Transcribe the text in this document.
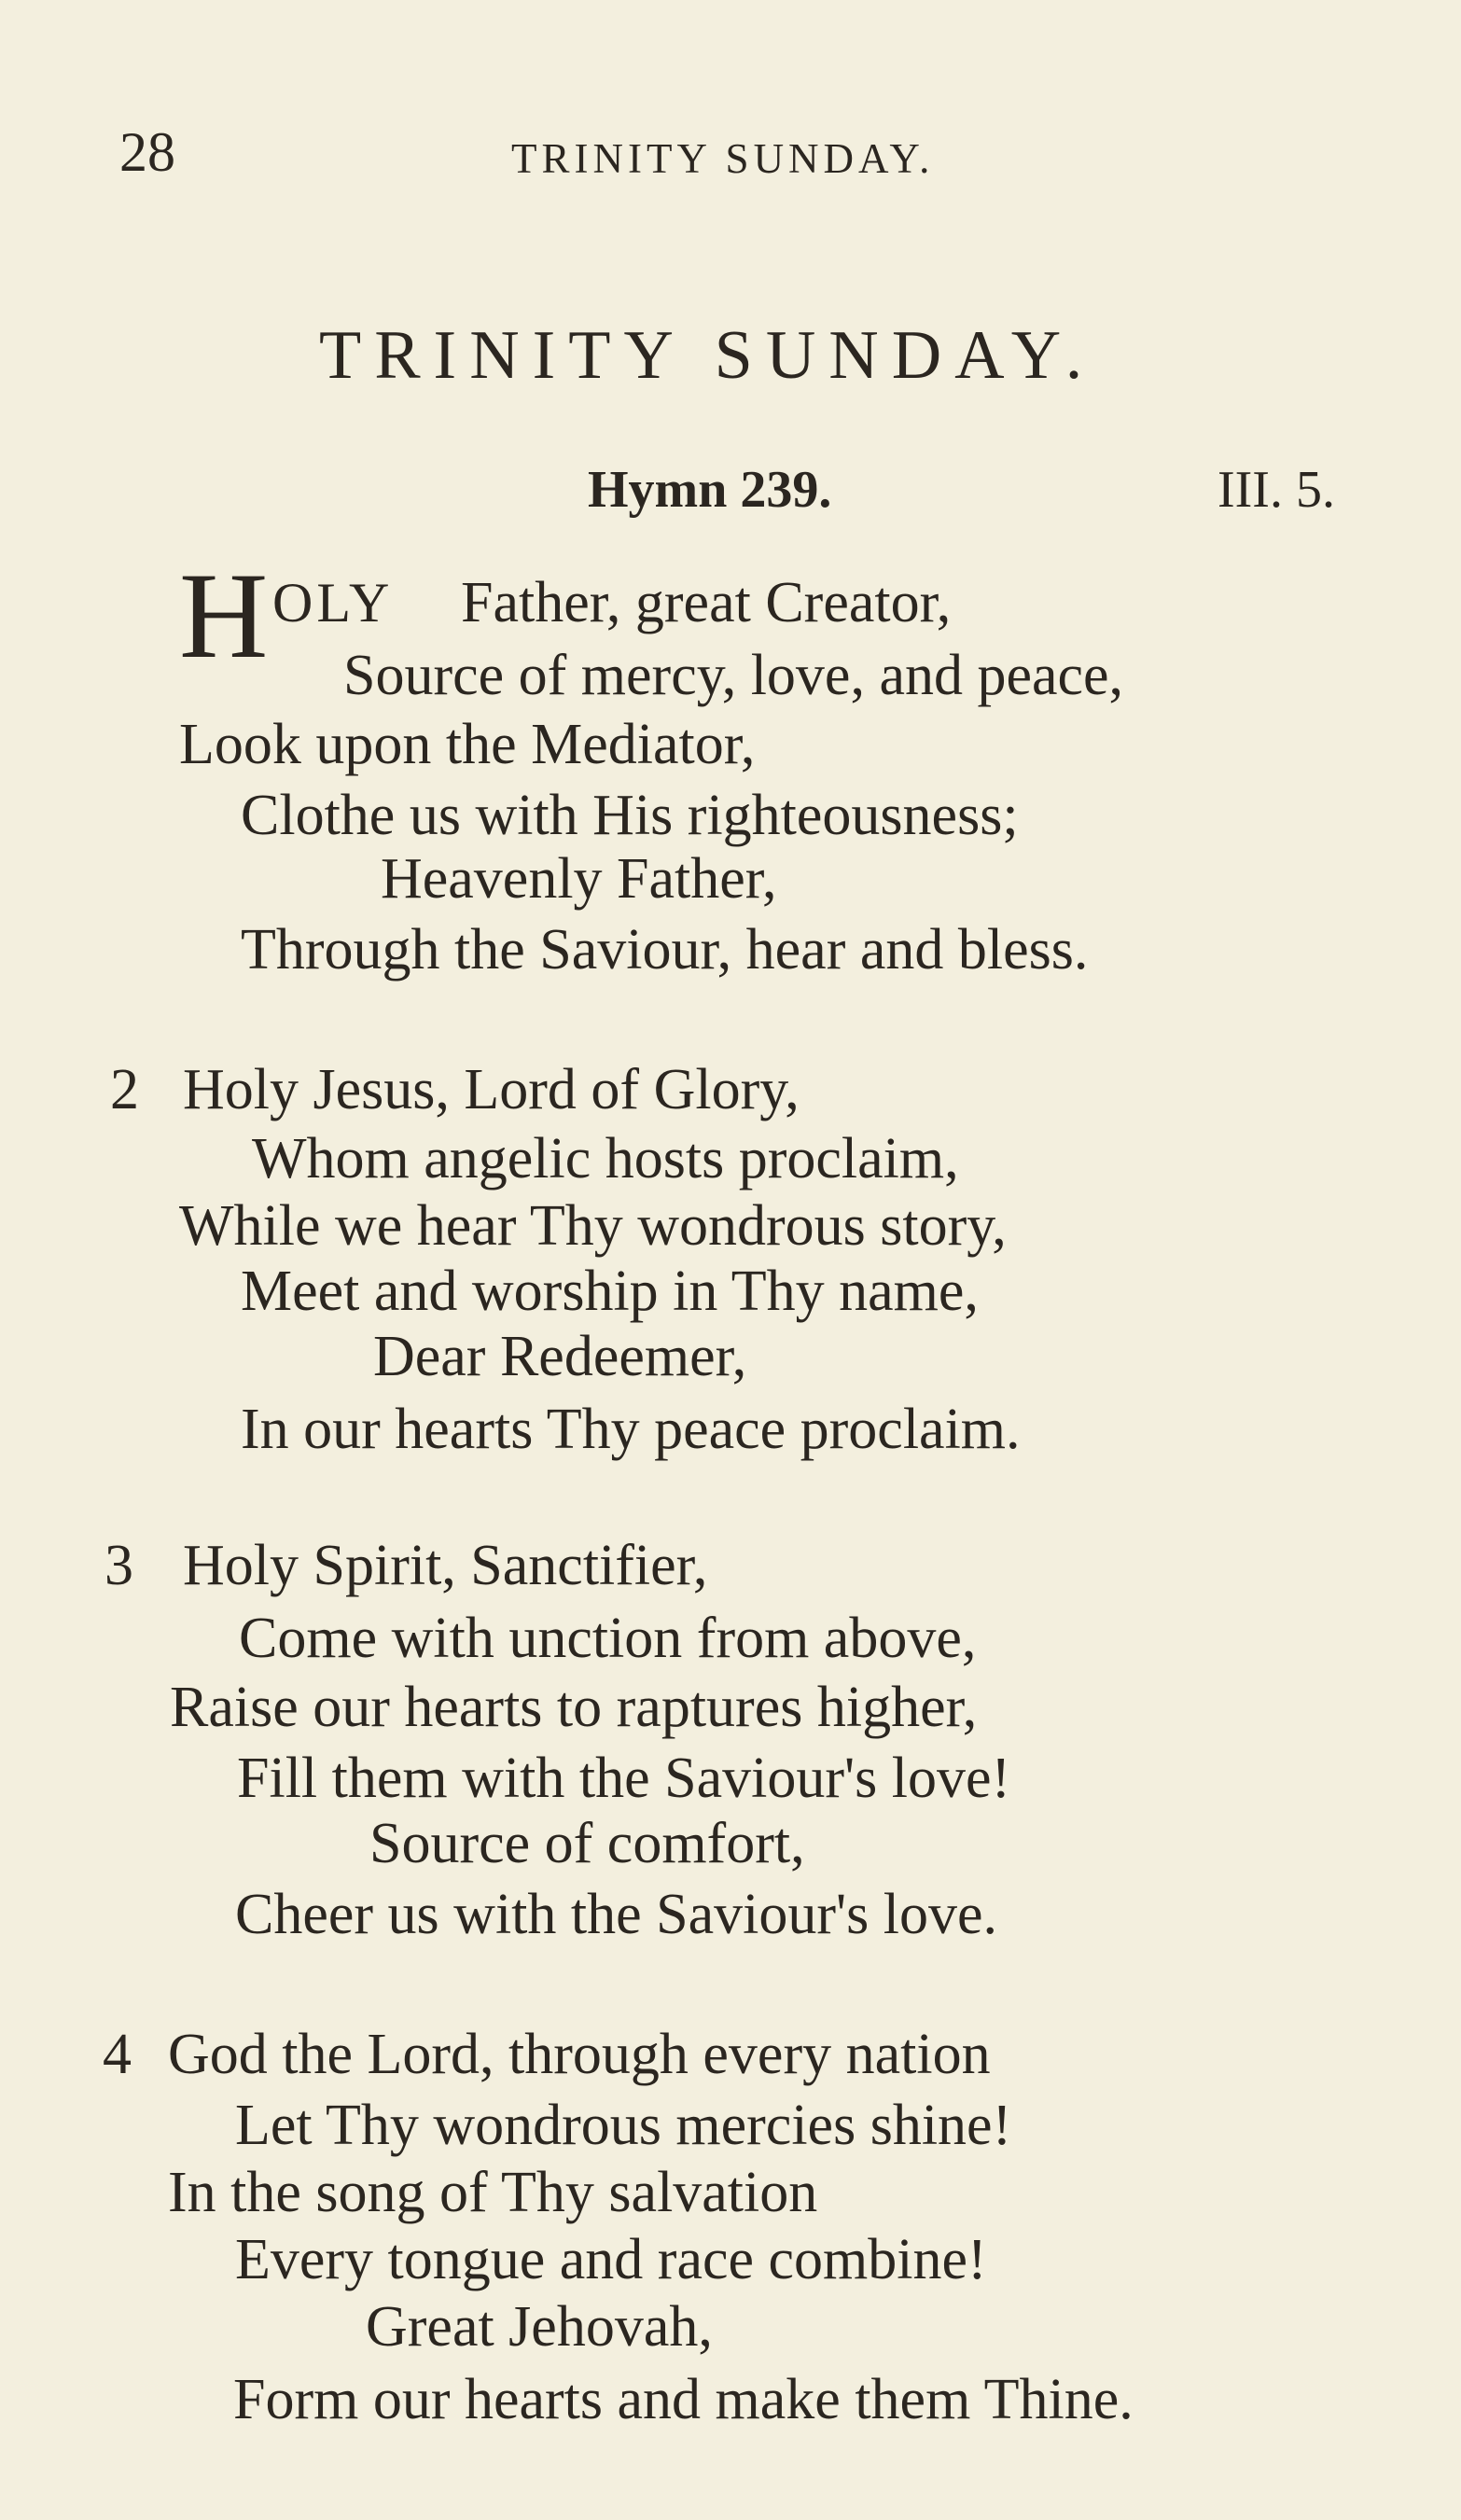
28	TRINITY SUNDAY.
TRINITY SUNDAY.
Hymn 239.	III. 5.
H OLY Father, great Creator,
Source of mercy, love, and peace,
Look upon the Mediator,
Clothe us with His righteousness;
Heavenly Father,
Through the Saviour, hear and bless.
2 Holy Jesus, Lord of Glory,
Whom angelic hosts proclaim,
While we hear Thy wondrous story,
Meet and worship in Thy name,
Dear Redeemer,
In our hearts Thy peace proclaim.
3 Holy Spirit, Sanctifier,
Come with unction from above,
Raise our hearts to raptures higher,
Fill them with the Saviour's love!
Source of comfort,
Cheer us with the Saviour's love.
4 God the Lord, through every nation
Let Thy wondrous mercies shine!
In the song of Thy salvation
Every tongue and race combine!
Great Jehovah,
Form our hearts and make them Thine.
